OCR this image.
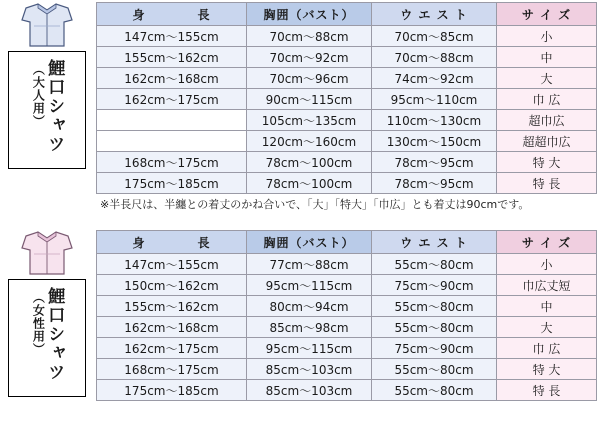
鯉口シャツ
（大人用）
身　　　　長	胸囲（バスト）	ウ エ ス ト	サ イ ズ
147cm〜155cm	70cm〜88cm	70cm〜85cm	小
155cm〜162cm	70cm〜92cm	70cm〜88cm	中
162cm〜168cm	70cm〜96cm	74cm〜92cm	大
162cm〜175cm	90cm〜115cm	95cm〜110cm	巾 広
	105cm〜135cm	110cm〜130cm	超巾広
	120cm〜160cm	130cm〜150cm	超超巾広
168cm〜175cm	78cm〜100cm	78cm〜95cm	特 大
175cm〜185cm	78cm〜100cm	78cm〜95cm	特 長
※半長尺は、半纏との着丈のかね合いで、「大」「特大」「巾広」とも着丈は90cmです。
鯉口シャツ
（女性用）
身　　　　長	胸囲（バスト）	ウ エ ス ト	サ イ ズ
147cm〜155cm	77cm〜88cm	55cm〜80cm	小
150cm〜162cm	95cm〜115cm	75cm〜90cm	巾広丈短
155cm〜162cm	80cm〜94cm	55cm〜80cm	中
162cm〜168cm	85cm〜98cm	55cm〜80cm	大
162cm〜175cm	95cm〜115cm	75cm〜90cm	巾 広
168cm〜175cm	85cm〜103cm	55cm〜80cm	特 大
175cm〜185cm	85cm〜103cm	55cm〜80cm	特 長
